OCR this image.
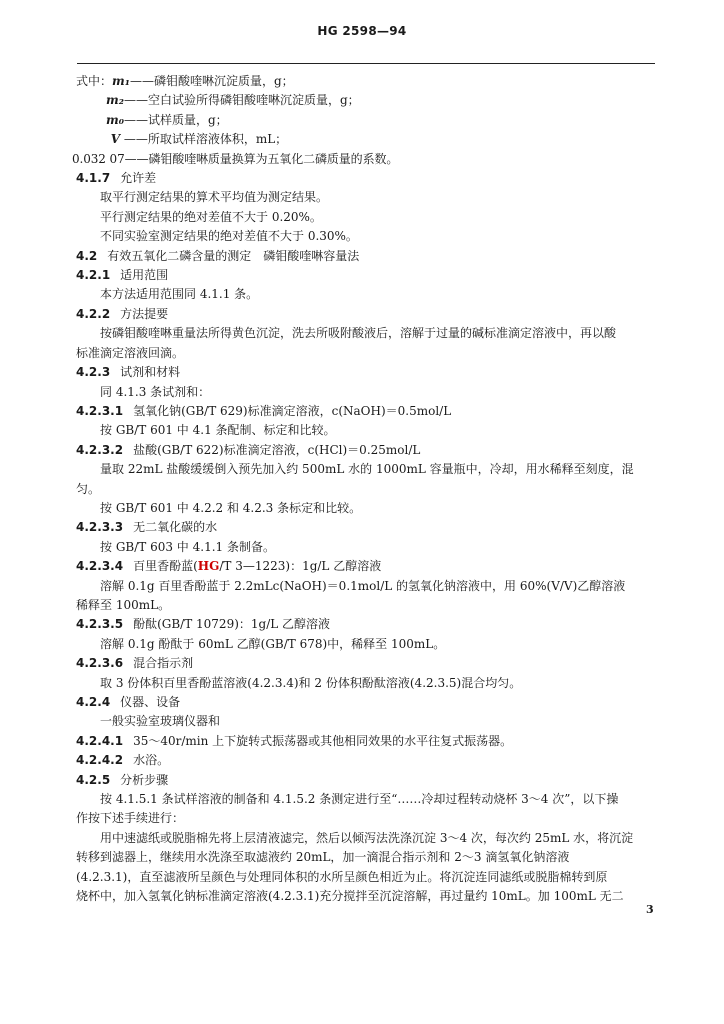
HG 2598—94
式中：m₁——磷钼酸喹啉沉淀质量，g；
m₂——空白试验所得磷钼酸喹啉沉淀质量，g；
m₀——试样质量，g；
V ——所取试样溶液体积，mL；
0.032 07——磷钼酸喹啉质量换算为五氧化二磷质量的系数。
4.1.7 允许差
取平行测定结果的算术平均值为测定结果。
平行测定结果的绝对差值不大于 0.20%。
不同实验室测定结果的绝对差值不大于 0.30%。
4.2 有效五氧化二磷含量的测定　磷钼酸喹啉容量法
4.2.1 适用范围
本方法适用范围同 4.1.1 条。
4.2.2 方法提要
按磷钼酸喹啉重量法所得黄色沉淀，洗去所吸附酸液后，溶解于过量的碱标准滴定溶液中，再以酸
标准滴定溶液回滴。
4.2.3 试剂和材料
同 4.1.3 条试剂和：
4.2.3.1 氢氧化钠(GB/T 629)标准滴定溶液，c(NaOH)＝0.5mol/L
按 GB/T 601 中 4.1 条配制、标定和比较。
4.2.3.2 盐酸(GB/T 622)标准滴定溶液，c(HCl)＝0.25mol/L
量取 22mL 盐酸缓缓倒入预先加入约 500mL 水的 1000mL 容量瓶中，冷却，用水稀释至刻度，混
匀。
按 GB/T 601 中 4.2.2 和 4.2.3 条标定和比较。
4.2.3.3 无二氧化碳的水
按 GB/T 603 中 4.1.1 条制备。
4.2.3.4 百里香酚蓝(HG/T 3—1223)：1g/L 乙醇溶液
溶解 0.1g 百里香酚蓝于 2.2mLc(NaOH)＝0.1mol/L 的氢氧化钠溶液中，用 60%(V/V)乙醇溶液
稀释至 100mL。
4.2.3.5 酚酞(GB/T 10729)：1g/L 乙醇溶液
溶解 0.1g 酚酞于 60mL 乙醇(GB/T 678)中，稀释至 100mL。
4.2.3.6 混合指示剂
取 3 份体积百里香酚蓝溶液(4.2.3.4)和 2 份体积酚酞溶液(4.2.3.5)混合均匀。
4.2.4 仪器、设备
一般实验室玻璃仪器和
4.2.4.1 35～40r/min 上下旋转式振荡器或其他相同效果的水平往复式振荡器。
4.2.4.2 水浴。
4.2.5 分析步骤
按 4.1.5.1 条试样溶液的制备和 4.1.5.2 条测定进行至“……冷却过程转动烧杯 3～4 次”，以下操
作按下述手续进行：
用中速滤纸或脱脂棉先将上层清液滤完，然后以倾泻法洗涤沉淀 3～4 次，每次约 25mL 水，将沉淀
转移到滤器上，继续用水洗涤至取滤液约 20mL，加一滴混合指示剂和 2～3 滴氢氧化钠溶液
(4.2.3.1)，直至滤液所呈颜色与处理同体积的水所呈颜色相近为止。将沉淀连同滤纸或脱脂棉转到原
烧杯中，加入氢氧化钠标准滴定溶液(4.2.3.1)充分搅拌至沉淀溶解，再过量约 10mL。加 100mL 无二
3
